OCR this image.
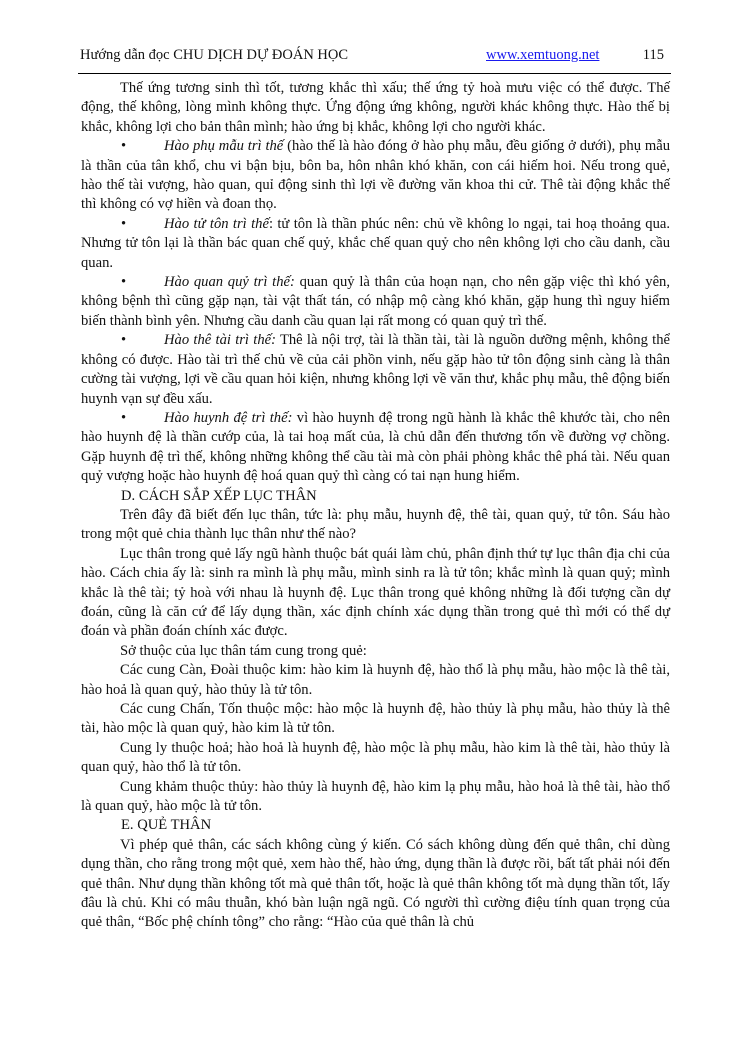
Hướng dẫn đọc CHU DỊCH DỰ ĐOÁN HỌC	www.xemtuong.net	115

Thế ứng tương sinh thì tốt, tương khắc thì xấu; thế ứng tỷ hoà mưu việc có thể được. Thế động, thế không, lòng mình không thực. Ứng động ứng không, người khác không thực. Hào thế bị khắc, không lợi cho bản thân mình; hào ứng bị khắc, không lợi cho người khác.

•	Hào phụ mẫu trì thế (hào thế là hào đóng ở hào phụ mẫu, đều giống ở dưới), phụ mẫu là thần của tân khổ, chu vi bận bịu, bôn ba, hôn nhân khó khăn, con cái hiếm hoi. Nếu trong quẻ, hào thế tài vượng, hào quan, quỉ động sinh thì lợi về đường văn khoa thi cử. Thê tài động khắc thế thì không có vợ hiền và đoan thọ.

•	Hào tử tôn trì thế: tử tôn là thần phúc nên: chủ về không lo ngại, tai hoạ thoảng qua. Nhưng tử tôn lại là thần bác quan chế quỷ, khắc chế quan quỷ cho nên không lợi cho cầu danh, cầu quan.

•	Hào quan quỷ trì thế: quan quỷ là thân của hoạn nạn, cho nên gặp việc thì khó yên, không bệnh thì cũng gặp nạn, tài vật thất tán, có nhập mộ càng khó khăn, gặp hung thì nguy hiểm biến thành bình yên. Nhưng cầu danh cầu quan lại rất mong có quan quỷ trì thế.

•	Hào thê tài trì thế: Thê là nội trợ, tài là thần tài, tài là nguồn dưỡng mệnh, không thể không có được. Hào tài trì thế chủ về của cải phồn vinh, nếu gặp hào tử tôn động sinh càng là thân cường tài vượng, lợi về cầu quan hỏi kiện, nhưng không lợi về văn thư, khắc phụ mẫu, thê động biến huynh vạn sự đều xấu.

•	Hào huynh đệ trì thế: vì hào huynh đệ trong ngũ hành là khắc thê khước tài, cho nên hào huynh đệ là thần cướp của, là tai hoạ mất của, là chủ dẫn đến thương tổn về đường vợ chồng. Gặp huynh đệ trì thế, không những không thể cầu tài mà còn phải phòng khắc thê phá tài. Nếu quan quỷ vượng hoặc hào huynh đệ hoá quan quỷ thì càng có tai nạn hung hiểm.

D. CÁCH SẮP XẾP LỤC THÂN

Trên đây đã biết đến lục thân, tức là: phụ mẫu, huynh đệ, thê tài, quan quỷ, tử tôn. Sáu hào trong một quẻ chia thành lục thân như thế nào?

Lục thân trong quẻ lấy ngũ hành thuộc bát quái làm chủ, phân định thứ tự lục thân địa chi của hào. Cách chia ấy là: sinh ra mình là phụ mẫu, mình sinh ra là tử tôn; khắc mình là quan quỷ; mình khắc là thê tài; tỷ hoà với nhau là huynh đệ. Lục thân trong quẻ không những là đối tượng cần dự đoán, cũng là căn cứ để lấy dụng thần, xác định chính xác dụng thần trong quẻ thì mới có thể dự đoán và phần đoán chính xác được.

Sở thuộc của lục thân tám cung trong quẻ:

Các cung Càn, Đoài thuộc kim: hào kim là huynh đệ, hào thổ là phụ mẫu, hào mộc là thê tài, hào hoả là quan quỷ, hào thủy là tử tôn.

Các cung Chấn, Tốn thuộc mộc: hào mộc là huynh đệ, hào thủy là phụ mẫu, hào thủy là thê tài, hào mộc là quan quỷ, hào kim là tử tôn.

Cung ly thuộc hoả; hào hoả là huynh đệ, hào mộc là phụ mẫu, hào kim là thê tài, hào thủy là quan quỷ, hào thổ là tử tôn.

Cung khảm thuộc thủy: hào thủy là huynh đệ, hào kim lạ phụ mẫu, hào hoả là thê tài, hào thổ là quan quỷ, hào mộc là tử tôn.

E. QUẺ THÂN

Vì phép quẻ thân, các sách không cùng ý kiến. Có sách không dùng đến quẻ thân, chỉ dùng dụng thần, cho rằng trong một quẻ, xem hào thế, hào ứng, dụng thần là được rồi, bất tất phải nói đến quẻ thân. Như dụng thần không tốt mà quẻ thân tốt, hoặc là quẻ thân không tốt mà dụng thần tốt, lấy đâu là chủ. Khi có mâu thuẫn, khó bàn luận ngã ngũ. Có người thì cường điệu tính quan trọng của quẻ thân, “Bốc phệ chính tông” cho rằng: “Hào của quẻ thân là chủ
